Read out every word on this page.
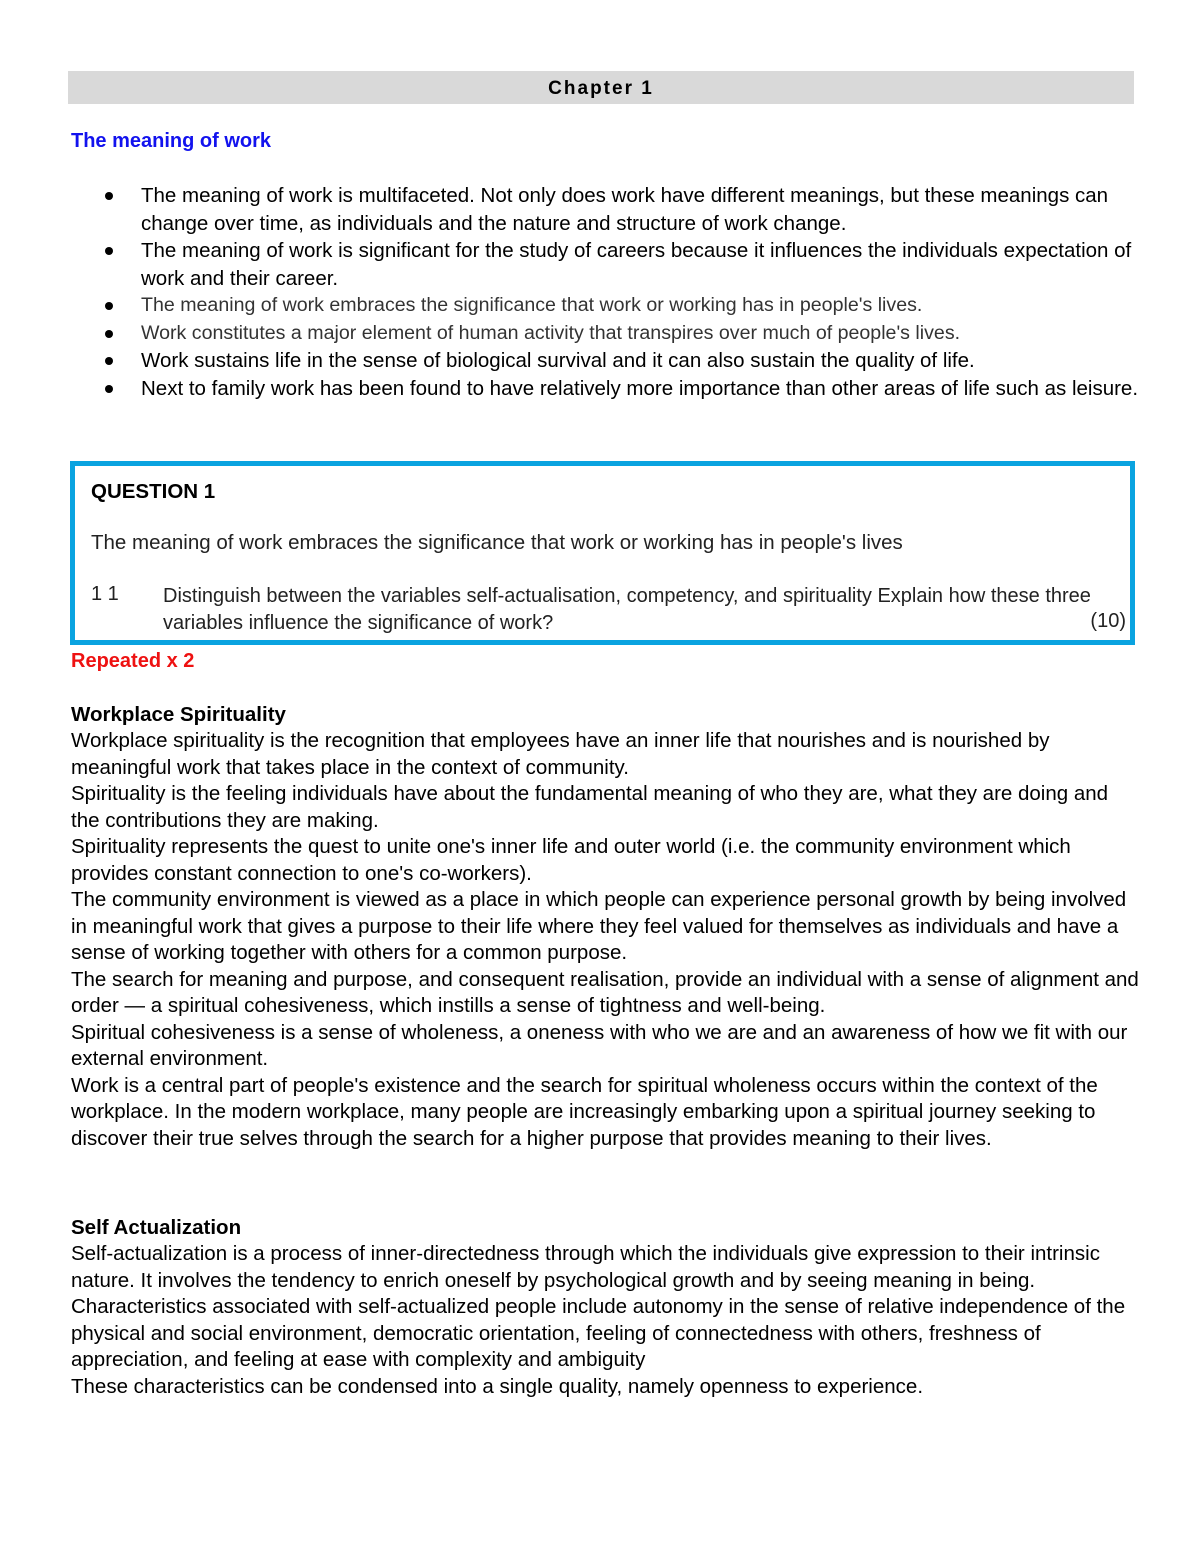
Chapter 1
The meaning of work
The meaning of work is multifaceted. Not only does work have different meanings, but these meanings can change over time, as individuals and the nature and structure of work change.
The meaning of work is significant for the study of careers because it influences the individuals expectation of work and their career.
The meaning of work embraces the significance that work or working has in people's lives.
Work constitutes a major element of human activity that transpires over much of people's lives.
Work sustains life in the sense of biological survival and it can also sustain the quality of life.
Next to family work has been found to have relatively more importance than other areas of life such as leisure.
QUESTION 1
The meaning of work embraces the significance that work or working has in people's lives
1 1 Distinguish between the variables self-actualisation, competency, and spirituality Explain how these three variables influence the significance of work?	(10)
Repeated x 2
Workplace Spirituality

Workplace spirituality is the recognition that employees have an inner life that nourishes and is nourished by meaningful work that takes place in the context of community.

Spirituality is the feeling individuals have about the fundamental meaning of who they are, what they are doing and the contributions they are making.

Spirituality represents the quest to unite one's inner life and outer world (i.e. the community environment which provides constant connection to one's co-workers).

The community environment is viewed as a place in which people can experience personal growth by being involved in meaningful work that gives a purpose to their life where they feel valued for themselves as individuals and have a sense of working together with others for a common purpose.

The search for meaning and purpose, and consequent realisation, provide an individual with a sense of alignment and order — a spiritual cohesiveness, which instills a sense of tightness and well-being.

Spiritual cohesiveness is a sense of wholeness, a oneness with who we are and an awareness of how we fit with our external environment.

Work is a central part of people's existence and the search for spiritual wholeness occurs within the context of the workplace. In the modern workplace, many people are increasingly embarking upon a spiritual journey seeking to discover their true selves through the search for a higher purpose that provides meaning to their lives.

Self Actualization

Self-actualization is a process of inner-directedness through which the individuals give expression to their intrinsic nature. It involves the tendency to enrich oneself by psychological growth and by seeing meaning in being.

Characteristics associated with self-actualized people include autonomy in the sense of relative independence of the physical and social environment, democratic orientation, feeling of connectedness with others, freshness of appreciation, and feeling at ease with complexity and ambiguity

These characteristics can be condensed into a single quality, namely openness to experience.
